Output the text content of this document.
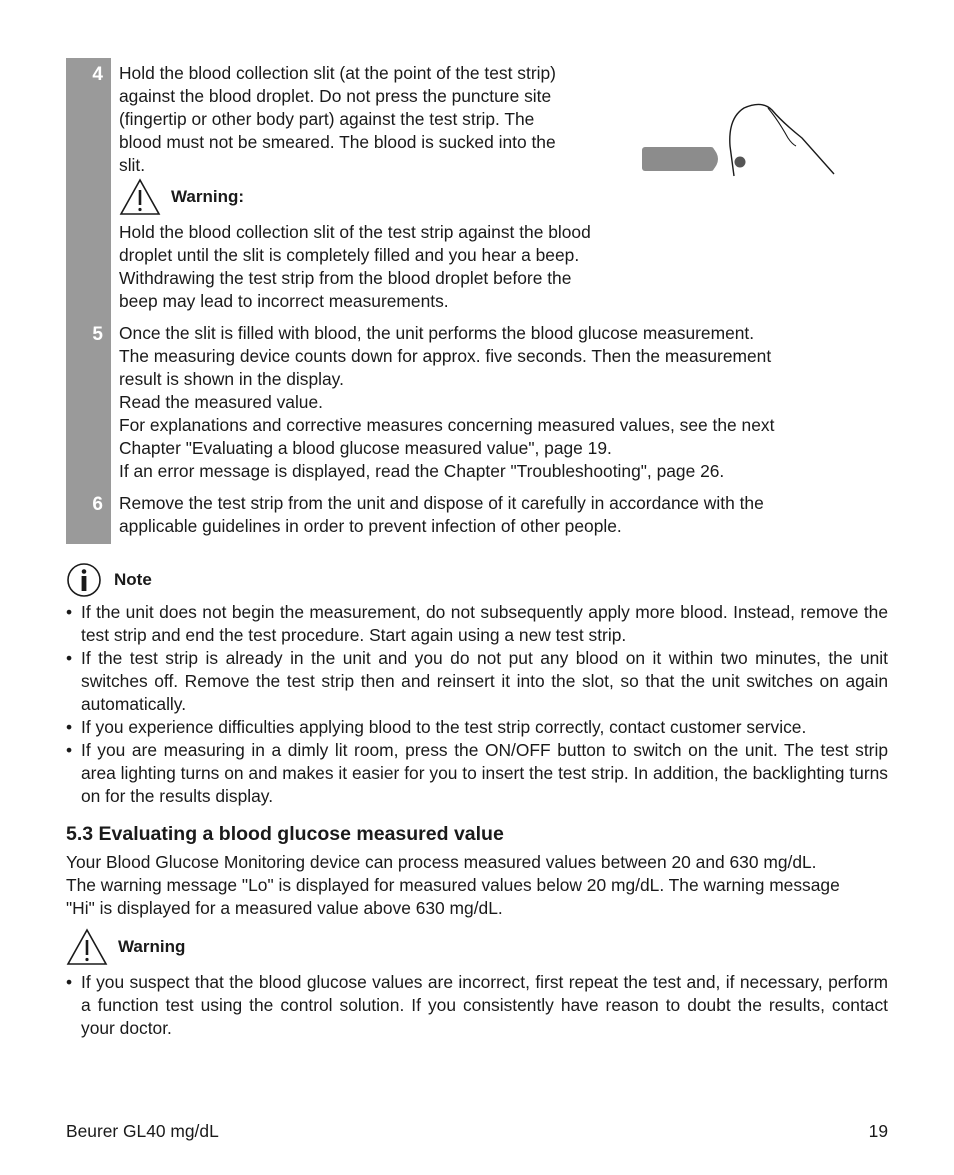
4 Hold the blood collection slit (at the point of the test strip)

against the blood droplet. Do not press the puncture site

(fingertip or other body part) against the test strip. The

blood must not be smeared. The blood is sucked into the

slit.

Warning:

Hold the blood collection slit of the test strip against the blood

droplet until the slit is completely filled and you hear a beep.

Withdrawing the test strip from the blood droplet before the

beep may lead to incorrect measurements.

5 Once the slit is filled with blood, the unit performs the blood glucose measurement.

The measuring device counts down for approx. five seconds. Then the measurement

result is shown in the display.

Read the measured value.

For explanations and corrective measures concerning measured values, see the next

Chapter "Evaluating a blood glucose measured value", page 19.

If an error message is displayed, read the Chapter "Troubleshooting", page 26.

6 Remove the test strip from the unit and dispose of it carefully in accordance with the

applicable guidelines in order to prevent infection of other people.

Note

• If the unit does not begin the measurement, do not subsequently apply more blood. Instead, remove the test strip and end the test procedure. Start again using a new test strip.

• If the test strip is already in the unit and you do not put any blood on it within two minutes, the unit switches off. Remove the test strip then and reinsert it into the slot, so that the unit switches on again automatically.

• If you experience difficulties applying blood to the test strip correctly, contact customer service.

• If you are measuring in a dimly lit room, press the ON/OFF button to switch on the unit. The test strip area lighting turns on and makes it easier for you to insert the test strip. In addition, the backlighting turns on for the results display.

5.3 Evaluating a blood glucose measured value

Your Blood Glucose Monitoring device can process measured values between 20 and 630 mg/dL.

The warning message "Lo" is displayed for measured values below 20 mg/dL. The warning message

"Hi" is displayed for a measured value above 630 mg/dL.

Warning

• If you suspect that the blood glucose values are incorrect, first repeat the test and, if necessary, perform a function test using the control solution. If you consistently have reason to doubt the results, contact your doctor.

Beurer GL40 mg/dL	19
